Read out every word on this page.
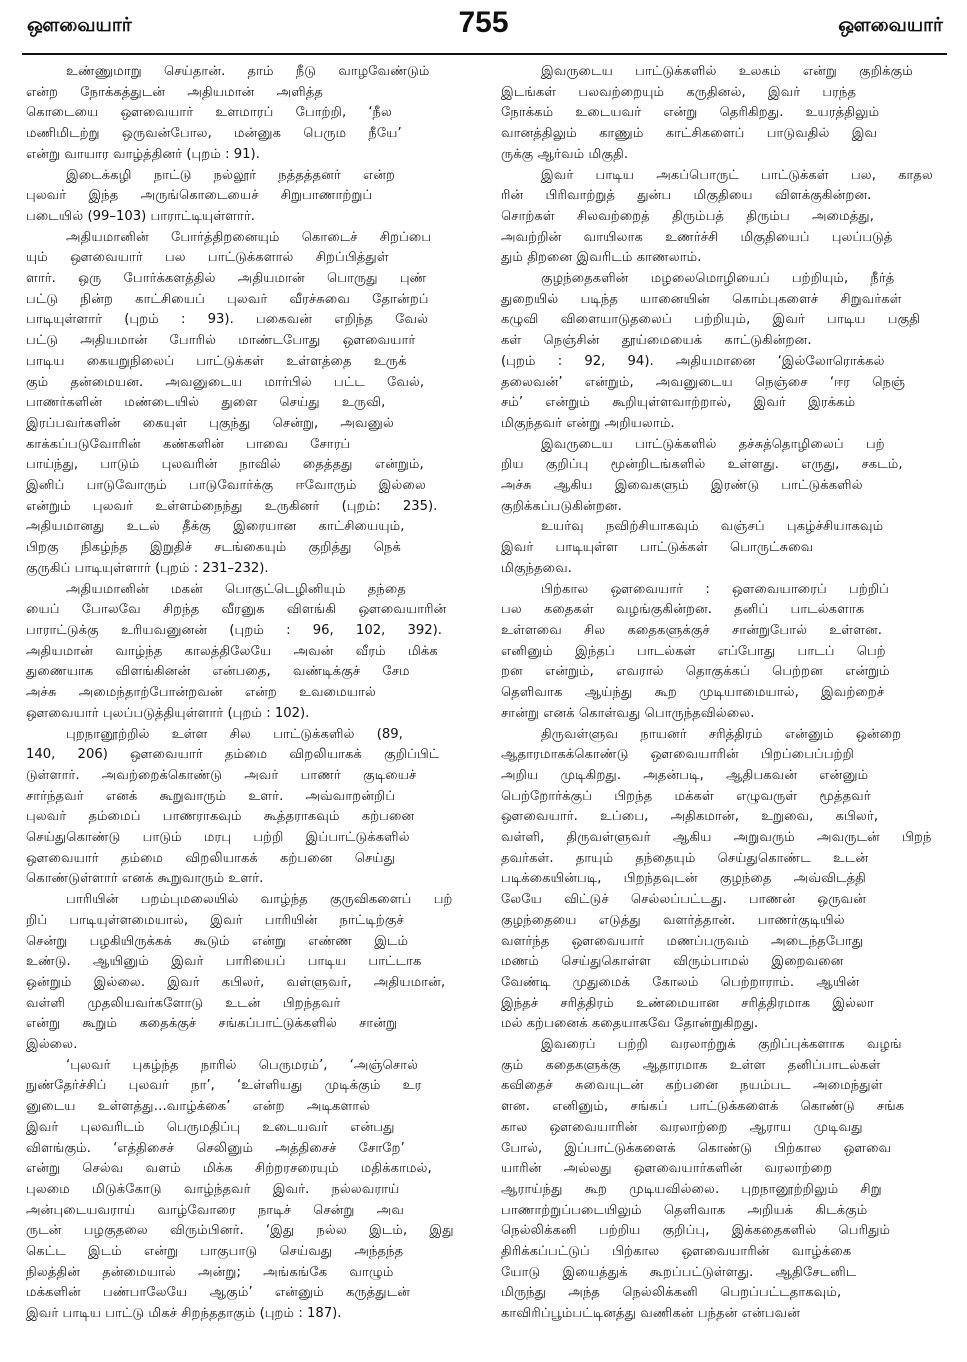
ஔவையார்	755	ஔவையார்

உண்ணுமாறு செய்தான். தாம் நீடு வாழவேண்டும்
என்ற நோக்கத்துடன் அதியமான் அளித்த
கொடையை ஔவையார் உளமாரப் போற்றி, ‘நீல
மணிமிடற்று ஒருவன்போல, மன்னுக பெரும நீயே’
என்று வாயார வாழ்த்தினர் (புறம் : 91).

இடைக்கழி நாட்டு நல்லூர் நத்தத்தனர் என்ற
புலவர் இந்த அருங்கொடையைச் சிறுபாணாற்றுப்
படையில் (99–103) பாராட்டியுள்ளார்.

அதியமானின் போர்த்திறனையும் கொடைச் சிறப்பை
யும் ஔவையார் பல பாட்டுக்களால் சிறப்பித்துள்
ளார். ஒரு போர்க்களத்தில் அதியமான் பொருது புண்
பட்டு நின்ற காட்சியைப் புலவர் வீரச்சுவை தோன்றப்
பாடியுள்ளார் (புறம் : 93). பகைவன் எறிந்த வேல்
பட்டு அதியமான் போரில் மாண்டபோது ஔவையார்
பாடிய கையறுநிலைப் பாட்டுக்கள் உள்ளத்தை உருக்
கும் தன்மையன. அவனுடைய மார்பில் பட்ட வேல்,
பாணர்களின் மண்டையில் துளை செய்து உருவி,
இரப்பவர்களின் கையுள் புகுந்து சென்று, அவனுல்
காக்கப்படுவோரின் கண்களின் பாவை சோரப்
பாய்ந்து, பாடும் புலவரின் நாவில் தைத்தது என்றும்,
இனிப் பாடுவோரும் பாடுவோர்க்கு ஈவோரும் இல்லை
என்றும் புலவர் உள்ளம்நைந்து உருகினர் (புறம்: 235).
அதியமானது உடல் தீக்கு இரையான காட்சியையும்,
பிறகு நிகழ்ந்த இறுதிச் சடங்கையும் குறித்து நெக்
குருகிப் பாடியுள்ளார் (புறம் : 231–232).

அதியமானின் மகன் பொகுட்டெழினியும் தந்தை
யைப் போலவே சிறந்த வீரனுக விளங்கி ஔவையாரின்
பாராட்டுக்கு உரியவனுனன் (புறம் : 96, 102, 392).
அதியமான் வாழ்ந்த காலத்திலேயே அவன் வீரம் மிக்க
துணையாக விளங்கினன் என்பதை, வண்டிக்குச் சேம
அச்சு அமைந்தாற்போன்றவன் என்ற உவமையால்
ஔவையார் புலப்படுத்தியுள்ளார் (புறம் : 102).

புறநானூற்றில் உள்ள சில பாட்டுக்களில் (89,
140, 206) ஔவையார் தம்மை விறலியாகக் குறிப்பிட்
டுள்ளார். அவற்றைக்கொண்டு அவர் பாணர் குடியைச்
சார்ந்தவர் எனக் கூறுவாரும் உளர். அவ்வாறன்றிப்
புலவர் தம்மைப் பாணராகவும் கூத்தராகவும் கற்பனை
செய்துகொண்டு பாடும் மரபு பற்றி இப்பாட்டுக்களில்
ஔவையார் தம்மை விறலியாகக் கற்பனை செய்து
கொண்டுள்ளார் எனக் கூறுவாரும் உளர்.

பாரியின் பறம்புமலையில் வாழ்ந்த குருவிகளைப் பற்
றிப் பாடியுள்ளமையால், இவர் பாரியின் நாட்டிற்குச்
சென்று பழகியிருக்கக் கூடும் என்று எண்ண இடம்
உண்டு. ஆயினும் இவர் பாரியைப் பாடிய பாட்டாக
ஒன்றும் இல்லை. இவர் கபிலர், வள்ளுவர், அதியமான்,
வள்ளி முதலியவர்களோடு உடன் பிறந்தவர்
என்று கூறும் கதைக்குச் சங்கப்பாட்டுக்களில் சான்று
இல்லை.

‘புலவர் புகழ்ந்த நாரில் பெருமரம்’, ‘அஞ்சொல்
நுண்தேர்ச்சிப் புலவர் நா’, ‘உள்ளியது முடிக்கும் உர
னுடைய உள்ளத்து…வாழ்க்கை’ என்ற அடிகளால்
இவர் புலவரிடம் பெருமதிப்பு உடையவர் என்பது
விளங்கும். ‘எத்திசைச் செலினும் அத்திசைச் சோறே’
என்று செல்வ வளம் மிக்க சிற்றரசரையும் மதிக்காமல்,
புலமை மிடுக்கோடு வாழ்ந்தவர் இவர். நல்லவராய்
அன்புடையவராய் வாழ்வோரை நாடிச் சென்று அவ
ருடன் பழகுதலை விரும்பினர். ‘இது நல்ல இடம், இது
கெட்ட இடம் என்று பாகுபாடு செய்வது அந்தந்த
நிலத்தின் தன்மையால் அன்று; அங்கங்கே வாழும்
மக்களின் பண்பாலேயே ஆகும்’ என்னும் கருத்துடன்
இவர் பாடிய பாட்டு மிகச் சிறந்ததாகும் (புறம் : 187).

இவருடைய பாட்டுக்களில் உலகம் என்று குறிக்கும்
இடங்கள் பலவற்றையும் கருதினல், இவர் பரந்த
நோக்கம் உடையவர் என்று தெரிகிறது. உயரத்திலும்
வானத்திலும் காணும் காட்சிகளைப் பாடுவதில் இவ
ருக்கு ஆர்வம் மிகுதி.

இவர் பாடிய அகப்பொருட் பாட்டுக்கள் பல, காதல
ரின் பிரிவாற்றுத் துன்ப மிகுதியை விளக்குகின்றன.
சொற்கள் சிலவற்றைத் திரும்பத் திரும்ப அமைத்து,
அவற்றின் வாயிலாக உணர்ச்சி மிகுதியைப் புலப்படுத்
தும் திறனை இவரிடம் காணலாம்.

குழந்தைகளின் மழலைமொழியைப் பற்றியும், நீர்த்
துறையில் படிந்த யானையின் கொம்புகளைச் சிறுவர்கள்
கழுவி விளையாடுதலைப் பற்றியும், இவர் பாடிய பகுதி
கள் நெஞ்சின் தூய்மையைக் காட்டுகின்றன.
(புறம் : 92, 94). அதியமானை ‘இல்லோரொக்கல்
தலைவன்’ என்றும், அவனுடைய நெஞ்சை ‘ஈர நெஞ்
சம்’ என்றும் கூறியுள்ளவாற்றால், இவர் இரக்கம்
மிகுந்தவர் என்று அறியலாம்.

இவருடைய பாட்டுக்களில் தச்சுத்தொழிலைப் பற்
றிய குறிப்பு மூன்றிடங்களில் உள்ளது. எருது, சகடம்,
அச்சு ஆகிய இவைகளும் இரண்டு பாட்டுக்களில்
குறிக்கப்படுகின்றன.

உயர்வு நவிற்சியாகவும் வஞ்சப் புகழ்ச்சியாகவும்
இவர் பாடியுள்ள பாட்டுக்கள் பொருட்சுவை
மிகுந்தவை.

பிற்கால ஔவையார் : ஔவையாரைப் பற்றிப்
பல கதைகள் வழங்குகின்றன. தனிப் பாடல்களாக
உள்ளவை சில கதைகளுக்குச் சான்றுபோல் உள்ளன.
எனினும் இந்தப் பாடல்கள் எப்போது பாடப் பெற்
றன என்றும், எவரால் தொகுக்கப் பெற்றன என்றும்
தெளிவாக ஆய்ந்து கூற முடியாமையால், இவற்றைச்
சான்று எனக் கொள்வது பொருந்தவில்லை.

திருவள்ளுவ நாயனர் சரித்திரம் என்னும் ஒன்றை
ஆதாரமாகக்கொண்டு ஔவையாரின் பிறப்பைப்பற்றி
அறிய முடிகிறது. அதன்படி, ஆதிபகவன் என்னும்
பெற்றோர்க்குப் பிறந்த மக்கள் எழுவருள் மூத்தவர்
ஔவையார். உப்பை, அதிகமான், உறுவை, கபிலர்,
வள்ளி, திருவள்ளுவர் ஆகிய அறுவரும் அவருடன் பிறந்
தவர்கள். தாயும் தந்தையும் செய்துகொண்ட உடன்
படிக்கையின்படி, பிறந்தவுடன் குழந்தை அவ்விடத்தி
லேயே விட்டுச் செல்லப்பட்டது. பாணன் ஒருவன்
குழந்தையை எடுத்து வளர்த்தான். பாணர்குடியில்
வளர்ந்த ஔவையார் மணப்பருவம் அடைந்தபோது
மணம் செய்துகொள்ள விரும்பாமல் இறைவனை
வேண்டி முதுமைக் கோலம் பெற்றாராம். ஆயின்
இந்தச் சரித்திரம் உண்மையான சரித்திரமாக இல்லா
மல் கற்பனைக் கதையாகவே தோன்றுகிறது.

இவரைப் பற்றி வரலாற்றுக் குறிப்புக்களாக வழங்
கும் கதைகளுக்கு ஆதாரமாக உள்ள தனிப்பாடல்கள்
கவிதைச் சுவையுடன் கற்பனை நயம்பட அமைந்துள்
ளன. எனினும், சங்கப் பாட்டுக்களைக் கொண்டு சங்க
கால ஔவையாரின் வரலாற்றை ஆராய முடிவது
போல், இப்பாட்டுக்களைக் கொண்டு பிற்கால ஔவை
யாரின் அல்லது ஔவையார்களின் வரலாற்றை
ஆராய்ந்து கூற முடியவில்லை. புறநானூற்றிலும் சிறு
பாணாற்றுப்படையிலும் தெளிவாக அறியக் கிடக்கும்
நெல்லிக்கனி பற்றிய குறிப்பு, இக்கதைகளில் பெரிதும்
திரிக்கப்பட்டுப் பிற்கால ஔவையாரின் வாழ்க்கை
யோடு இயைத்துக் கூறப்பட்டுள்ளது. ஆதிசேடனிட
மிருந்து அந்த நெல்லிக்கனி பெறப்பட்டதாகவும்,
காவிரிப்பூம்பட்டினத்து வணிகன் பந்தன் என்பவன்
